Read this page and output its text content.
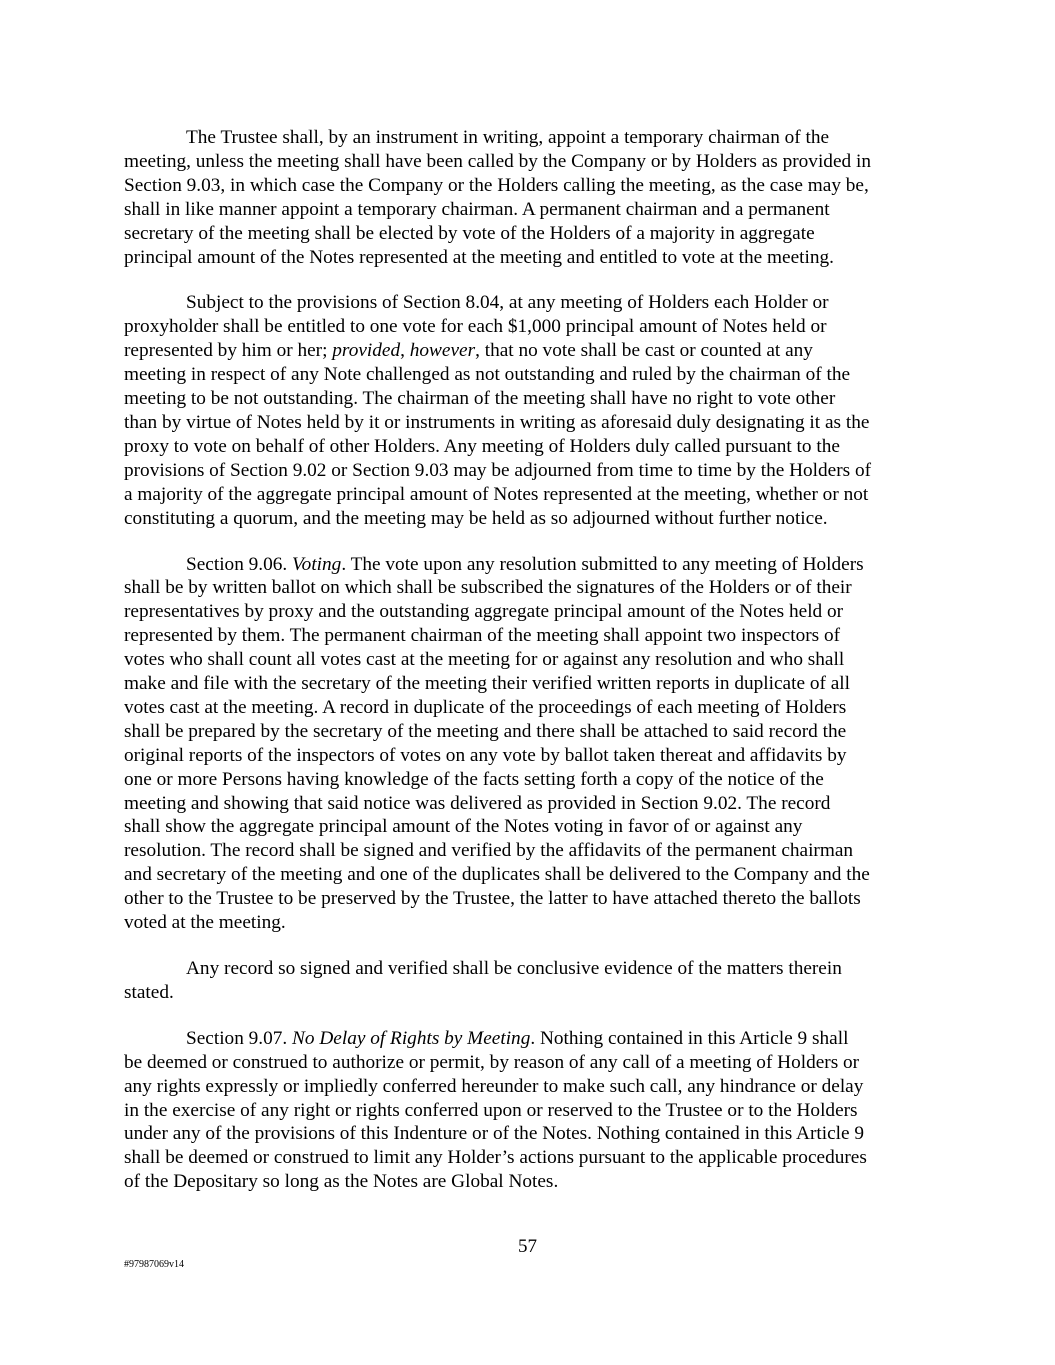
The Trustee shall, by an instrument in writing, appoint a temporary chairman of the
meeting, unless the meeting shall have been called by the Company or by Holders as provided in
Section 9.03, in which case the Company or the Holders calling the meeting, as the case may be,
shall in like manner appoint a temporary chairman. A permanent chairman and a permanent
secretary of the meeting shall be elected by vote of the Holders of a majority in aggregate
principal amount of the Notes represented at the meeting and entitled to vote at the meeting.
Subject to the provisions of Section 8.04, at any meeting of Holders each Holder or
proxyholder shall be entitled to one vote for each $1,000 principal amount of Notes held or
represented by him or her; provided, however, that no vote shall be cast or counted at any
meeting in respect of any Note challenged as not outstanding and ruled by the chairman of the
meeting to be not outstanding. The chairman of the meeting shall have no right to vote other
than by virtue of Notes held by it or instruments in writing as aforesaid duly designating it as the
proxy to vote on behalf of other Holders. Any meeting of Holders duly called pursuant to the
provisions of Section 9.02 or Section 9.03 may be adjourned from time to time by the Holders of
a majority of the aggregate principal amount of Notes represented at the meeting, whether or not
constituting a quorum, and the meeting may be held as so adjourned without further notice.
Section 9.06. Voting. The vote upon any resolution submitted to any meeting of Holders
shall be by written ballot on which shall be subscribed the signatures of the Holders or of their
representatives by proxy and the outstanding aggregate principal amount of the Notes held or
represented by them. The permanent chairman of the meeting shall appoint two inspectors of
votes who shall count all votes cast at the meeting for or against any resolution and who shall
make and file with the secretary of the meeting their verified written reports in duplicate of all
votes cast at the meeting. A record in duplicate of the proceedings of each meeting of Holders
shall be prepared by the secretary of the meeting and there shall be attached to said record the
original reports of the inspectors of votes on any vote by ballot taken thereat and affidavits by
one or more Persons having knowledge of the facts setting forth a copy of the notice of the
meeting and showing that said notice was delivered as provided in Section 9.02. The record
shall show the aggregate principal amount of the Notes voting in favor of or against any
resolution. The record shall be signed and verified by the affidavits of the permanent chairman
and secretary of the meeting and one of the duplicates shall be delivered to the Company and the
other to the Trustee to be preserved by the Trustee, the latter to have attached thereto the ballots
voted at the meeting.
Any record so signed and verified shall be conclusive evidence of the matters therein
stated.
Section 9.07. No Delay of Rights by Meeting. Nothing contained in this Article 9 shall
be deemed or construed to authorize or permit, by reason of any call of a meeting of Holders or
any rights expressly or impliedly conferred hereunder to make such call, any hindrance or delay
in the exercise of any right or rights conferred upon or reserved to the Trustee or to the Holders
under any of the provisions of this Indenture or of the Notes. Nothing contained in this Article 9
shall be deemed or construed to limit any Holder’s actions pursuant to the applicable procedures
of the Depositary so long as the Notes are Global Notes.
57
#97987069v14
